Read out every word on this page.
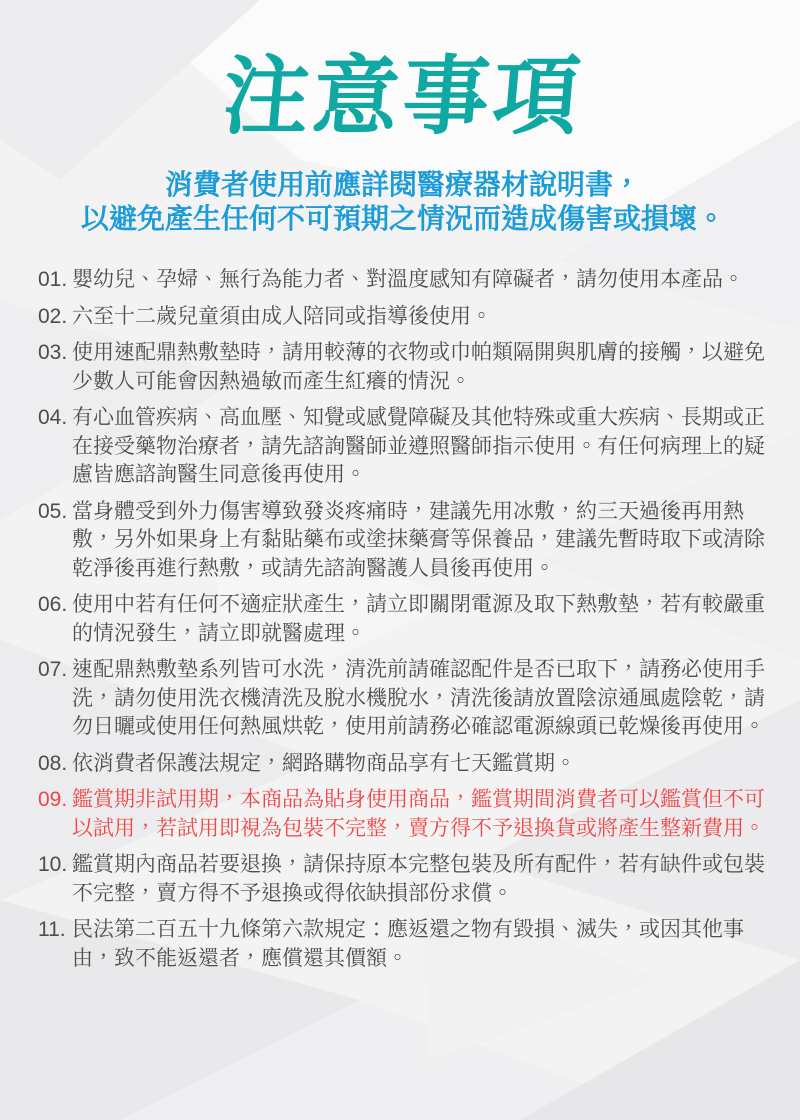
注意事項
消費者使用前應詳閱醫療器材說明書，
以避免產生任何不可預期之情況而造成傷害或損壞。
01. 嬰幼兒、孕婦、無行為能力者、對溫度感知有障礙者，請勿使用本產品。
02. 六至十二歲兒童須由成人陪同或指導後使用。
03. 使用速配鼎熱敷墊時，請用較薄的衣物或巾帕類隔開與肌膚的接觸，以避免少數人可能會因熱過敏而產生紅癢的情況。
04. 有心血管疾病、高血壓、知覺或感覺障礙及其他特殊或重大疾病、長期或正在接受藥物治療者，請先諮詢醫師並遵照醫師指示使用。有任何病理上的疑慮皆應諮詢醫生同意後再使用。
05. 當身體受到外力傷害導致發炎疼痛時，建議先用冰敷，約三天過後再用熱敷，另外如果身上有黏貼藥布或塗抹藥膏等保養品，建議先暫時取下或清除乾淨後再進行熱敷，或請先諮詢醫護人員後再使用。
06. 使用中若有任何不適症狀產生，請立即關閉電源及取下熱敷墊，若有較嚴重的情況發生，請立即就醫處理。
07. 速配鼎熱敷墊系列皆可水洗，清洗前請確認配件是否已取下，請務必使用手洗，請勿使用洗衣機清洗及脫水機脫水，清洗後請放置陰涼通風處陰乾，請勿日曬或使用任何熱風烘乾，使用前請務必確認電源線頭已乾燥後再使用。
08. 依消費者保護法規定，網路購物商品享有七天鑑賞期。
09. 鑑賞期非試用期，本商品為貼身使用商品，鑑賞期間消費者可以鑑賞但不可以試用，若試用即視為包裝不完整，賣方得不予退換貨或將產生整新費用。
10. 鑑賞期內商品若要退換，請保持原本完整包裝及所有配件，若有缺件或包裝不完整，賣方得不予退換或得依缺損部份求償。
11. 民法第二百五十九條第六款規定：應返還之物有毀損、滅失，或因其他事由，致不能返還者，應償還其價額。
